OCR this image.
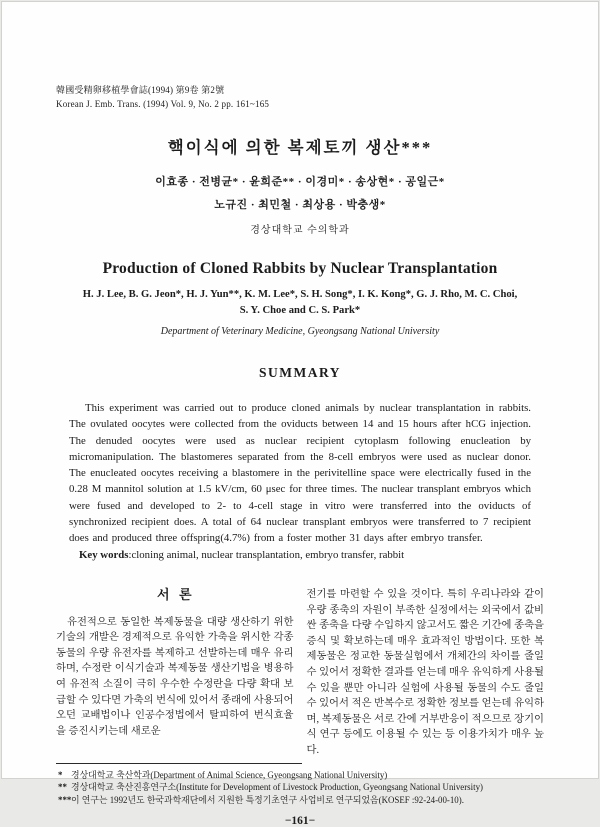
韓國受精卵移植學會誌(1994) 第9卷 第2號
Korean J. Emb. Trans. (1994) Vol. 9, No. 2 pp. 161~165
핵이식에 의한 복제토끼 생산***
이효종 · 전병균* · 윤희준** · 이경미* · 송상현* · 공일근*
노규진 · 최민철 · 최상용 · 박충생*
경상대학교 수의학과
Production of Cloned Rabbits by Nuclear Transplantation
H. J. Lee, B. G. Jeon*, H. J. Yun**, K. M. Lee*, S. H. Song*, I. K. Kong*, G. J. Rho, M. C. Choi,
S. Y. Choe and C. S. Park*
Department of Veterinary Medicine, Gyeongsang National University
SUMMARY

This experiment was carried out to produce cloned animals by nuclear transplantation in rabbits. The ovulated oocytes were collected from the oviducts between 14 and 15 hours after hCG injection. The denuded oocytes were used as nuclear recipient cytoplasm following enucleation by micromanipulation. The blastomeres separated from the 8-cell embryos were used as nuclear donor. The enucleated oocytes receiving a blastomere in the perivitelline space were electrically fused in the 0.28 M mannitol solution at 1.5 kV/cm, 60 μsec for three times. The nuclear transplant embryos which were fused and developed to 2- to 4-cell stage in vitro were transferred into the oviducts of synchronized recipient does. A total of 64 nuclear transplant embryos were transferred to 7 recipient does and produced three offspring(4.7%) from a foster mother 31 days after embryo transfer.

Key words:cloning animal, nuclear transplantation, embryo transfer, rabbit

서  론

유전적으로 동일한 복제동물을 대량 생산하기 위한 기술의 개발은 경제적으로 유익한 가축을 위시한 각종 동물의 우량 유전자를 복제하고 선발하는데 매우 유리하며, 수정란 이식기술과 복제동물 생산기법을 병용하여 유전적 소질이 극히 우수한 수정란을 다량 확대 보급할 수 있다면 가축의 번식에 있어서 종래에 사용되어 오던 교배법이나 인공수정법에서 탈피하여 번식효율을 증진시키는데 새로운

전기를 마련할 수 있을 것이다. 특히 우리나라와 같이 우량 종축의 자원이 부족한 실정에서는 외국에서 값비싼 종축을 다량 수입하지 않고서도 짧은 기간에 종축을 증식 및 확보하는데 매우 효과적인 방법이다. 또한 복제동물은 정교한 동물실험에서 개체간의 차이를 줄일 수 있어서 정확한 결과를 얻는데 매우 유익하게 사용될 수 있을 뿐만 아니라 실험에 사용될 동물의 수도 줄일 수 있어서 적은 반복수로 정확한 정보를 얻는데 유익하며, 복제동물은 서로 간에 거부반응이 적으므로 장기이식 연구 등에도 이용될 수 있는 등 이용가치가 매우 높다.

* 경상대학교 축산학과(Department of Animal Science, Gyeongsang National University)
** 경상대학교 축산진흥연구소(Institute for Development of Livestock Production, Gyeongsang National University)
*** 이 연구는 1992년도 한국과학재단에서 지원한 특정기초연구 사업비로 연구되었음(KOSEF :92-24-00-10).
−161−
